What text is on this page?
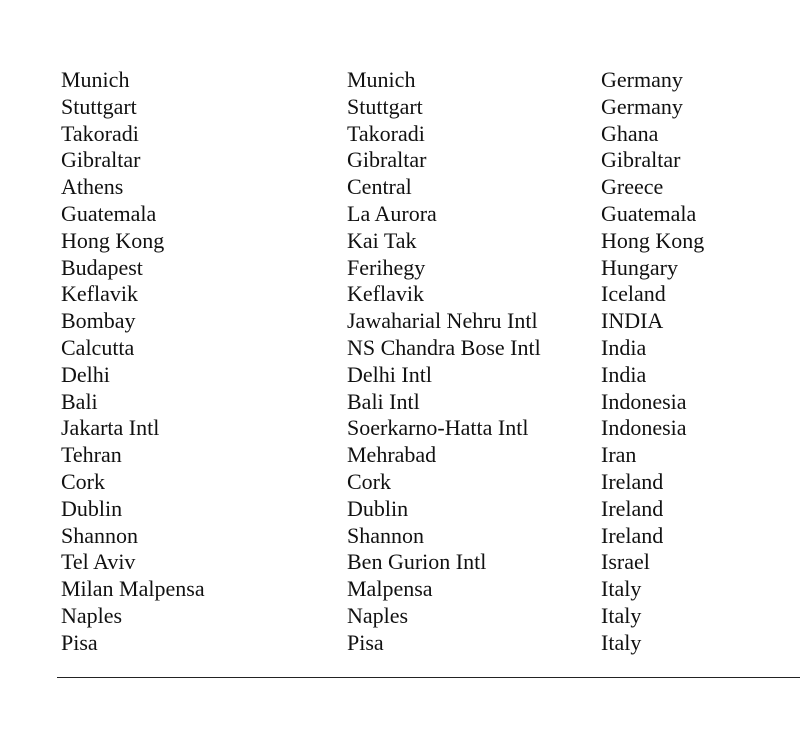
Munich	Munich	Germany
Stuttgart	Stuttgart	Germany
Takoradi	Takoradi	Ghana
Gibraltar	Gibraltar	Gibraltar
Athens	Central	Greece
Guatemala	La Aurora	Guatemala
Hong Kong	Kai Tak	Hong Kong
Budapest	Ferihegy	Hungary
Keflavik	Keflavik	Iceland
Bombay	Jawaharial Nehru Intl	INDIA
Calcutta	NS Chandra Bose Intl	India
Delhi	Delhi Intl	India
Bali	Bali Intl	Indonesia
Jakarta Intl	Soerkarno-Hatta Intl	Indonesia
Tehran	Mehrabad	Iran
Cork	Cork	Ireland
Dublin	Dublin	Ireland
Shannon	Shannon	Ireland
Tel Aviv	Ben Gurion Intl	Israel
Milan Malpensa	Malpensa	Italy
Naples	Naples	Italy
Pisa	Pisa	Italy
